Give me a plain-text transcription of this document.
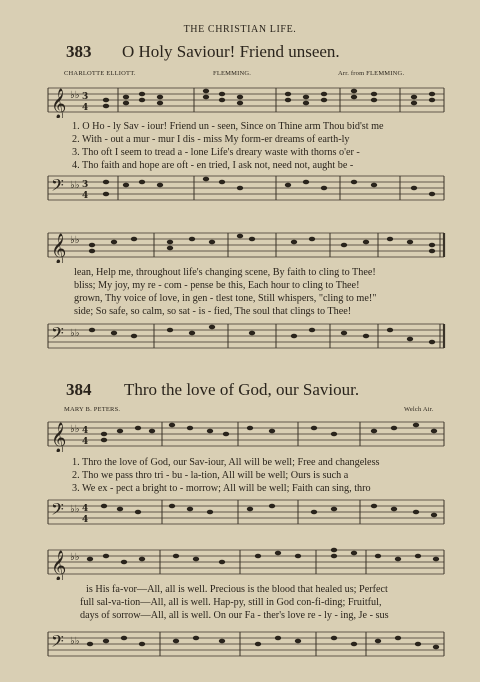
THE CHRISTIAN LIFE.
383 O Holy Saviour! Friend unseen.
CHARLOTTE ELLIOTT.	FLEMMING.	Arr. from FLEMMING.
𝄞 ♭♭ 3
4
1. O Ho - ly Sav - iour! Friend un - seen, Since on Thine arm Thou bid'st me
2. With - out a mur - mur I dis - miss My form-er dreams of earth-ly
3. Tho oft I seem to tread a - lone Life's dreary waste with thorns o'er -
4. Tho faith and hope are oft - en tried, I ask not, need not, aught be -
𝄢 ♭♭ 3
4
𝄞 ♭♭
lean, Help me, throughout life's changing scene, By faith to cling to Thee!
bliss; My joy, my re - com - pense be this, Each hour to cling to Thee!
grown, Thy voice of love, in gen - tlest tone, Still whispers, "cling to me!"
side; So safe, so calm, so sat - is - fied, The soul that clings to Thee!
𝄢 ♭♭
384 Thro the love of God, our Saviour.
MARY B. PETERS.	Welch Air.
𝄞 ♭♭ 4
4
1. Thro the love of God, our Sav-iour, All will be well; Free and changeless
2. Tho we pass thro tri - bu - la-tion, All will be well; Ours is such a
3. We ex - pect a bright to - morrow; All will be well; Faith can sing, thro
𝄢 ♭♭ 4
4
𝄞 ♭♭
is His fa-vor—All, all is well. Precious is the blood that healed us; Perfect
full sal-va-tion—All, all is well. Hap-py, still in God con-fi-ding; Fruitful,
days of sorrow—All, all is well. On our Fa - ther's love re - ly - ing, Je - sus
𝄢 ♭♭
